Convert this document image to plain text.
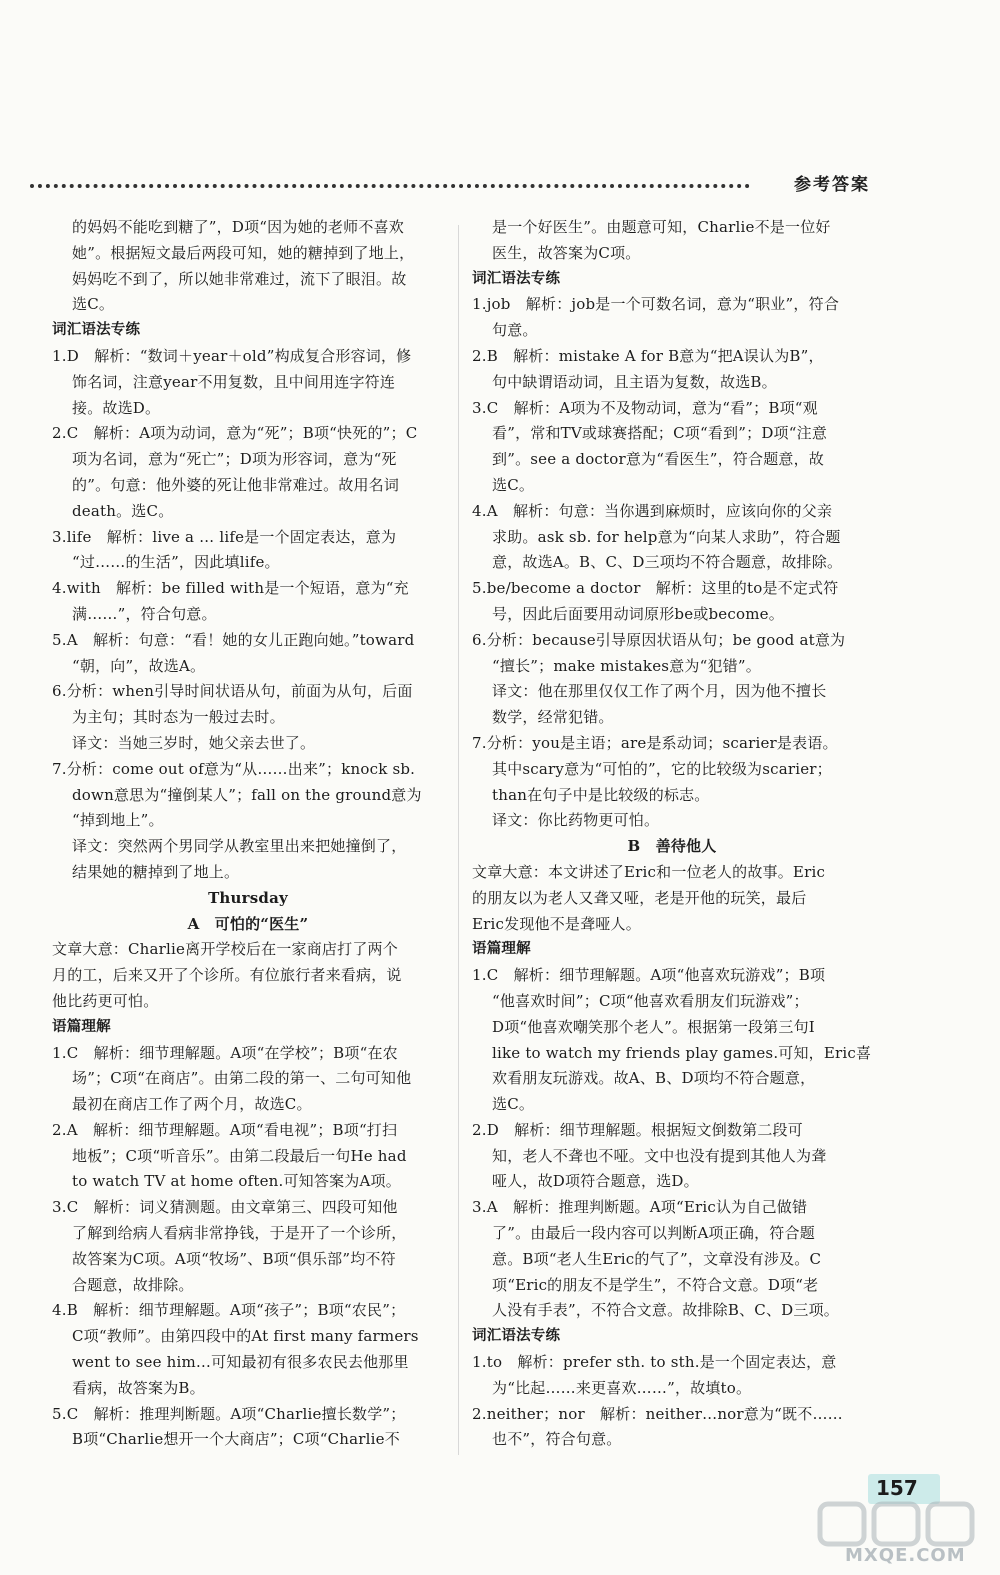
参考答案
的妈妈不能吃到糖了”，D项“因为她的老师不喜欢
她”。根据短文最后两段可知，她的糖掉到了地上，
妈妈吃不到了，所以她非常难过，流下了眼泪。故
选C。
词汇语法专练
1.D　解析：“数词＋year＋old”构成复合形容词，修
饰名词，注意year不用复数，且中间用连字符连
接。故选D。
2.C　解析：A项为动词，意为“死”；B项“快死的”；C
项为名词，意为“死亡”；D项为形容词，意为“死
的”。句意：他外婆的死让他非常难过。故用名词
death。选C。
3.life　解析：live a … life是一个固定表达，意为
“过……的生活”，因此填life。
4.with　解析：be filled with是一个短语，意为“充
满……”，符合句意。
5.A　解析：句意：“看！她的女儿正跑向她。”toward
“朝，向”，故选A。
6.分析：when引导时间状语从句，前面为从句，后面
为主句；其时态为一般过去时。
译文：当她三岁时，她父亲去世了。
7.分析：come out of意为“从……出来”；knock sb.
down意思为“撞倒某人”；fall on the ground意为
“掉到地上”。
译文：突然两个男同学从教室里出来把她撞倒了，
结果她的糖掉到了地上。
Thursday
A　可怕的“医生”
文章大意：Charlie离开学校后在一家商店打了两个
月的工，后来又开了个诊所。有位旅行者来看病，说
他比药更可怕。
语篇理解
1.C　解析：细节理解题。A项“在学校”；B项“在农
场”；C项“在商店”。由第二段的第一、二句可知他
最初在商店工作了两个月，故选C。
2.A　解析：细节理解题。A项“看电视”；B项“打扫
地板”；C项“听音乐”。由第二段最后一句He had
to watch TV at home often.可知答案为A项。
3.C　解析：词义猜测题。由文章第三、四段可知他
了解到给病人看病非常挣钱，于是开了一个诊所，
故答案为C项。A项“牧场”、B项“俱乐部”均不符
合题意，故排除。
4.B　解析：细节理解题。A项“孩子”；B项“农民”；
C项“教师”。由第四段中的At first many farmers
went to see him…可知最初有很多农民去他那里
看病，故答案为B。
5.C　解析：推理判断题。A项“Charlie擅长数学”；
B项“Charlie想开一个大商店”；C项“Charlie不
是一个好医生”。由题意可知，Charlie不是一位好
医生，故答案为C项。
词汇语法专练
1.job　解析：job是一个可数名词，意为“职业”，符合
句意。
2.B　解析：mistake A for B意为“把A误认为B”，
句中缺谓语动词，且主语为复数，故选B。
3.C　解析：A项为不及物动词，意为“看”；B项“观
看”，常和TV或球赛搭配；C项“看到”；D项“注意
到”。see a doctor意为“看医生”，符合题意，故
选C。
4.A　解析：句意：当你遇到麻烦时，应该向你的父亲
求助。ask sb. for help意为“向某人求助”，符合题
意，故选A。B、C、D三项均不符合题意，故排除。
5.be/become a doctor　解析：这里的to是不定式符
号，因此后面要用动词原形be或become。
6.分析：because引导原因状语从句；be good at意为
“擅长”；make mistakes意为“犯错”。
译文：他在那里仅仅工作了两个月，因为他不擅长
数学，经常犯错。
7.分析：you是主语；are是系动词；scarier是表语。
其中scary意为“可怕的”，它的比较级为scarier；
than在句子中是比较级的标志。
译文：你比药物更可怕。
B　善待他人
文章大意：本文讲述了Eric和一位老人的故事。Eric
的朋友以为老人又聋又哑，老是开他的玩笑，最后
Eric发现他不是聋哑人。
语篇理解
1.C　解析：细节理解题。A项“他喜欢玩游戏”；B项
“他喜欢时间”；C项“他喜欢看朋友们玩游戏”；
D项“他喜欢嘲笑那个老人”。根据第一段第三句I
like to watch my friends play games.可知，Eric喜
欢看朋友玩游戏。故A、B、D项均不符合题意，
选C。
2.D　解析：细节理解题。根据短文倒数第二段可
知，老人不聋也不哑。文中也没有提到其他人为聋
哑人，故D项符合题意，选D。
3.A　解析：推理判断题。A项“Eric认为自己做错
了”。由最后一段内容可以判断A项正确，符合题
意。B项“老人生Eric的气了”，文章没有涉及。C
项“Eric的朋友不是学生”，不符合文意。D项“老
人没有手表”，不符合文意。故排除B、C、D三项。
词汇语法专练
1.to　解析：prefer sth. to sth.是一个固定表达，意
为“比起……来更喜欢……”，故填to。
2.neither；nor　解析：neither…nor意为“既不……
也不”，符合句意。
157
MXQE.COM
